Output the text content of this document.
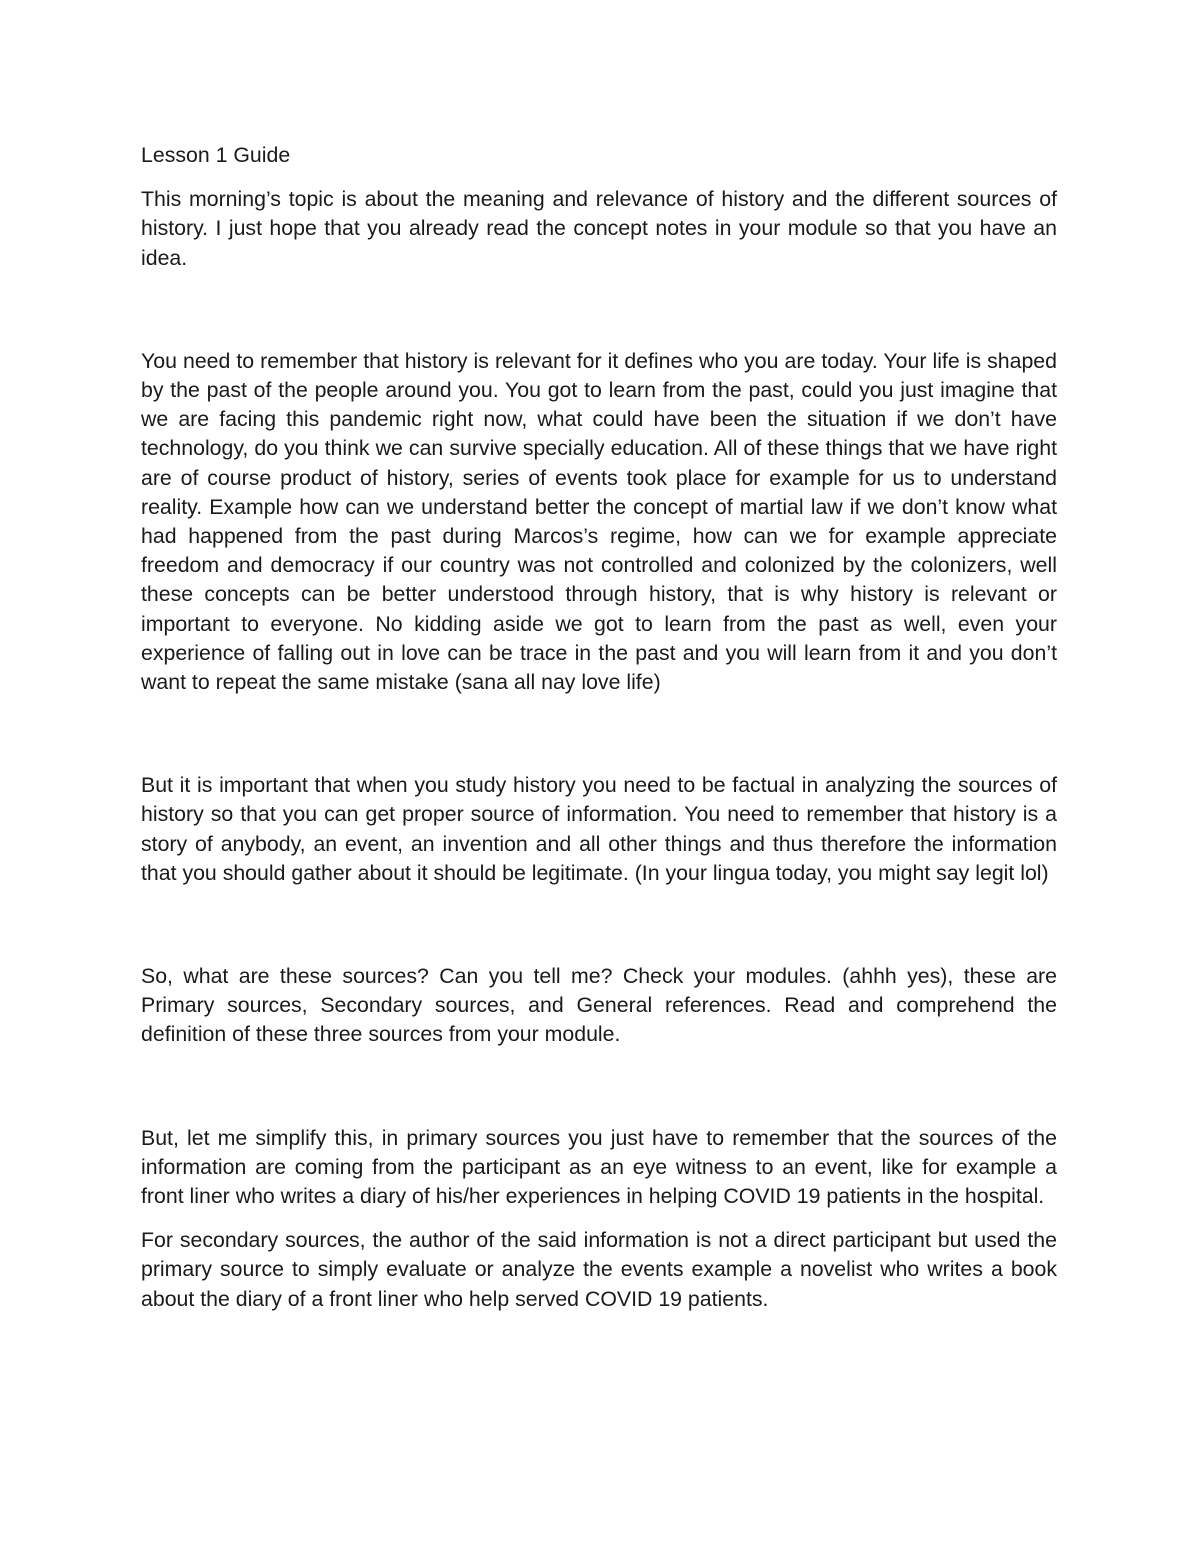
Lesson 1 Guide

This morning’s topic is about the meaning and relevance of history and the different sources of history. I just hope that you already read the concept notes in your module so that you have an idea.

You need to remember that history is relevant for it defines who you are today. Your life is shaped by the past of the people around you. You got to learn from the past, could you just imagine that we are facing this pandemic right now, what could have been the situation if we don’t have technology, do you think we can survive specially education. All of these things that we have right are of course product of history, series of events took place for example for us to understand reality. Example how can we understand better the concept of martial law if we don’t know what had happened from the past during Marcos’s regime, how can we for example appreciate freedom and democracy if our country was not controlled and colonized by the colonizers, well these concepts can be better understood through history, that is why history is relevant or important to everyone. No kidding aside we got to learn from the past as well, even your experience of falling out in love can be trace in the past and you will learn from it and you don’t want to repeat the same mistake (sana all nay love life)

But it is important that when you study history you need to be factual in analyzing the sources of history so that you can get proper source of information. You need to remember that history is a story of anybody, an event, an invention and all other things and thus therefore the information that you should gather about it should be legitimate. (In your lingua today, you might say legit lol)

So, what are these sources? Can you tell me? Check your modules. (ahhh yes), these are Primary sources, Secondary sources, and General references. Read and comprehend the definition of these three sources from your module.

But, let me simplify this, in primary sources you just have to remember that the sources of the information are coming from the participant as an eye witness to an event, like for example a front liner who writes a diary of his/her experiences in helping COVID 19 patients in the hospital.

For secondary sources, the author of the said information is not a direct participant but used the primary source to simply evaluate or analyze the events example a novelist who writes a book about the diary of a front liner who help served COVID 19 patients.
